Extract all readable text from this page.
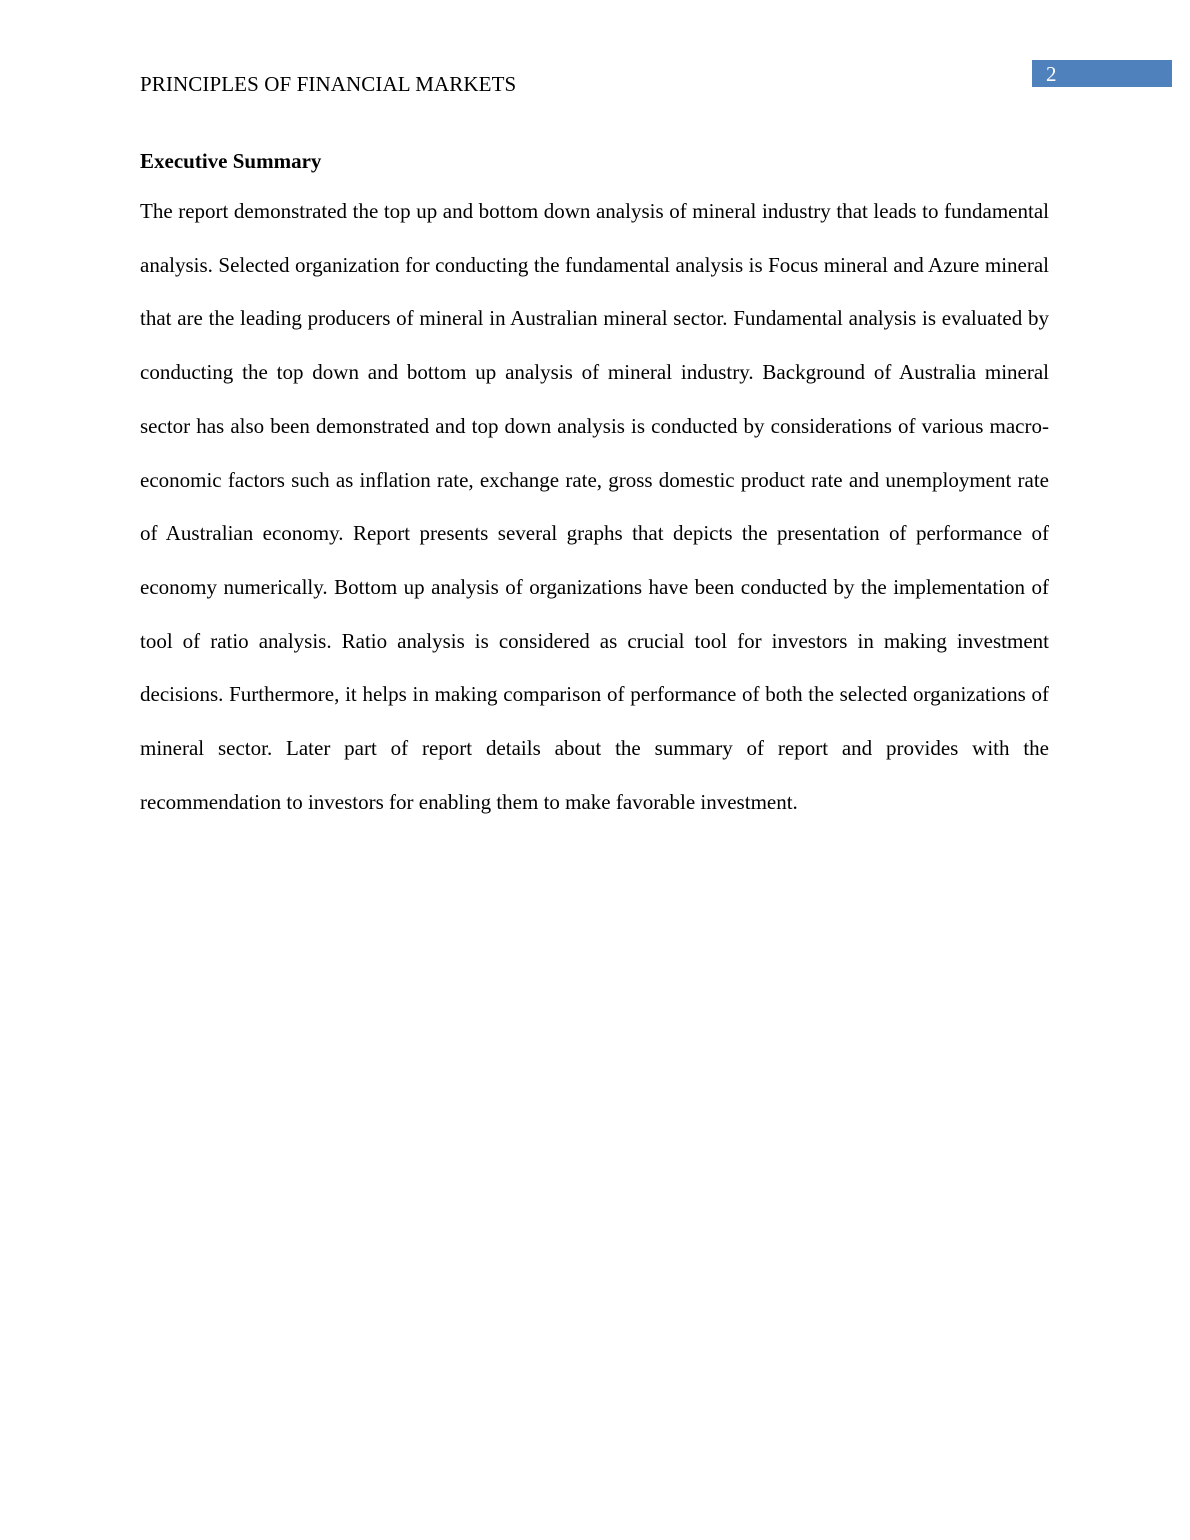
PRINCIPLES OF FINANCIAL MARKETS	2
Executive Summary

The report demonstrated the top up and bottom down analysis of mineral industry that leads to fundamental analysis. Selected organization for conducting the fundamental analysis is Focus mineral and Azure mineral that are the leading producers of mineral in Australian mineral sector. Fundamental analysis is evaluated by conducting the top down and bottom up analysis of mineral industry. Background of Australia mineral sector has also been demonstrated and top down analysis is conducted by considerations of various macro-economic factors such as inflation rate, exchange rate, gross domestic product rate and unemployment rate of Australian economy. Report presents several graphs that depicts the presentation of performance of economy numerically. Bottom up analysis of organizations have been conducted by the implementation of tool of ratio analysis. Ratio analysis is considered as crucial tool for investors in making investment decisions. Furthermore, it helps in making comparison of performance of both the selected organizations of mineral sector. Later part of report details about the summary of report and provides with the recommendation to investors for enabling them to make favorable investment.
